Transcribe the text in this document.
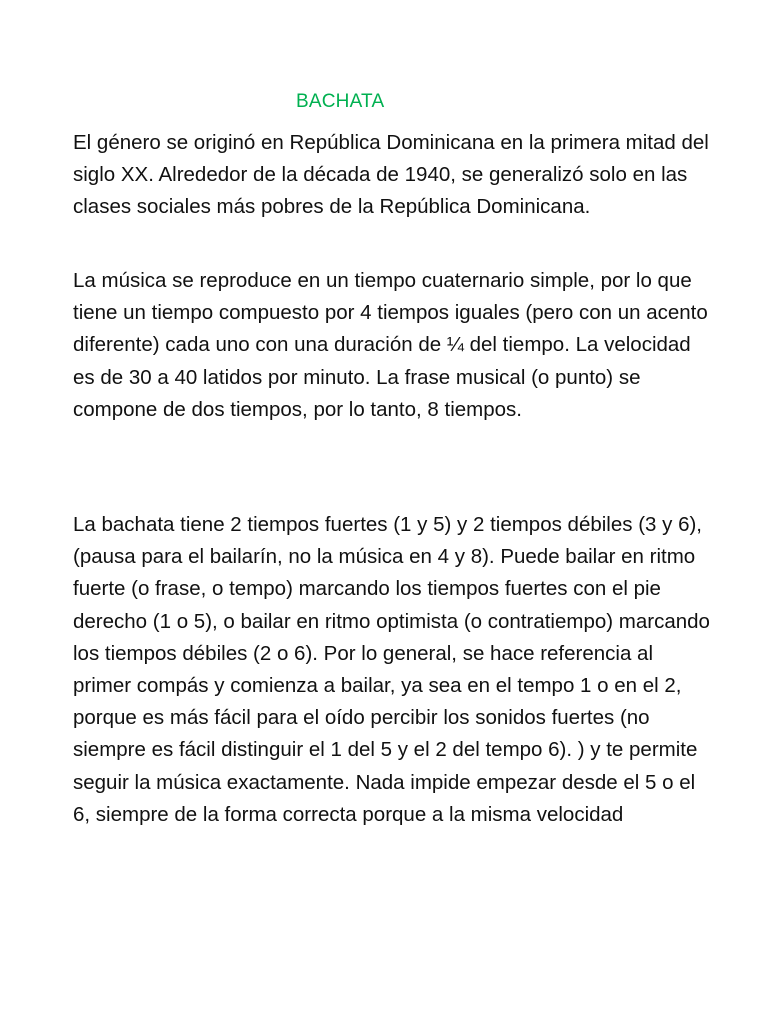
BACHATA

El género se originó en República Dominicana en la primera mitad del siglo XX. Alrededor de la década de 1940, se generalizó solo en las clases sociales más pobres de la República Dominicana.

La música se reproduce en un tiempo cuaternario simple, por lo que tiene un tiempo compuesto por 4 tiempos iguales (pero con un acento diferente) cada uno con una duración de ¼ del tiempo. La velocidad es de 30 a 40 latidos por minuto. La frase musical (o punto) se compone de dos tiempos, por lo tanto, 8 tiempos.

La bachata tiene 2 tiempos fuertes (1 y 5) y 2 tiempos débiles (3 y 6), (pausa para el bailarín, no la música en 4 y 8). Puede bailar en ritmo fuerte (o frase, o tempo) marcando los tiempos fuertes con el pie derecho (1 o 5), o bailar en ritmo optimista (o contratiempo) marcando los tiempos débiles (2 o 6). Por lo general, se hace referencia al primer compás y comienza a bailar, ya sea en el tempo 1 o en el 2, porque es más fácil para el oído percibir los sonidos fuertes (no siempre es fácil distinguir el 1 del 5 y el 2 del tempo 6). ) y te permite seguir la música exactamente. Nada impide empezar desde el 5 o el 6, siempre de la forma correcta porque a la misma velocidad
